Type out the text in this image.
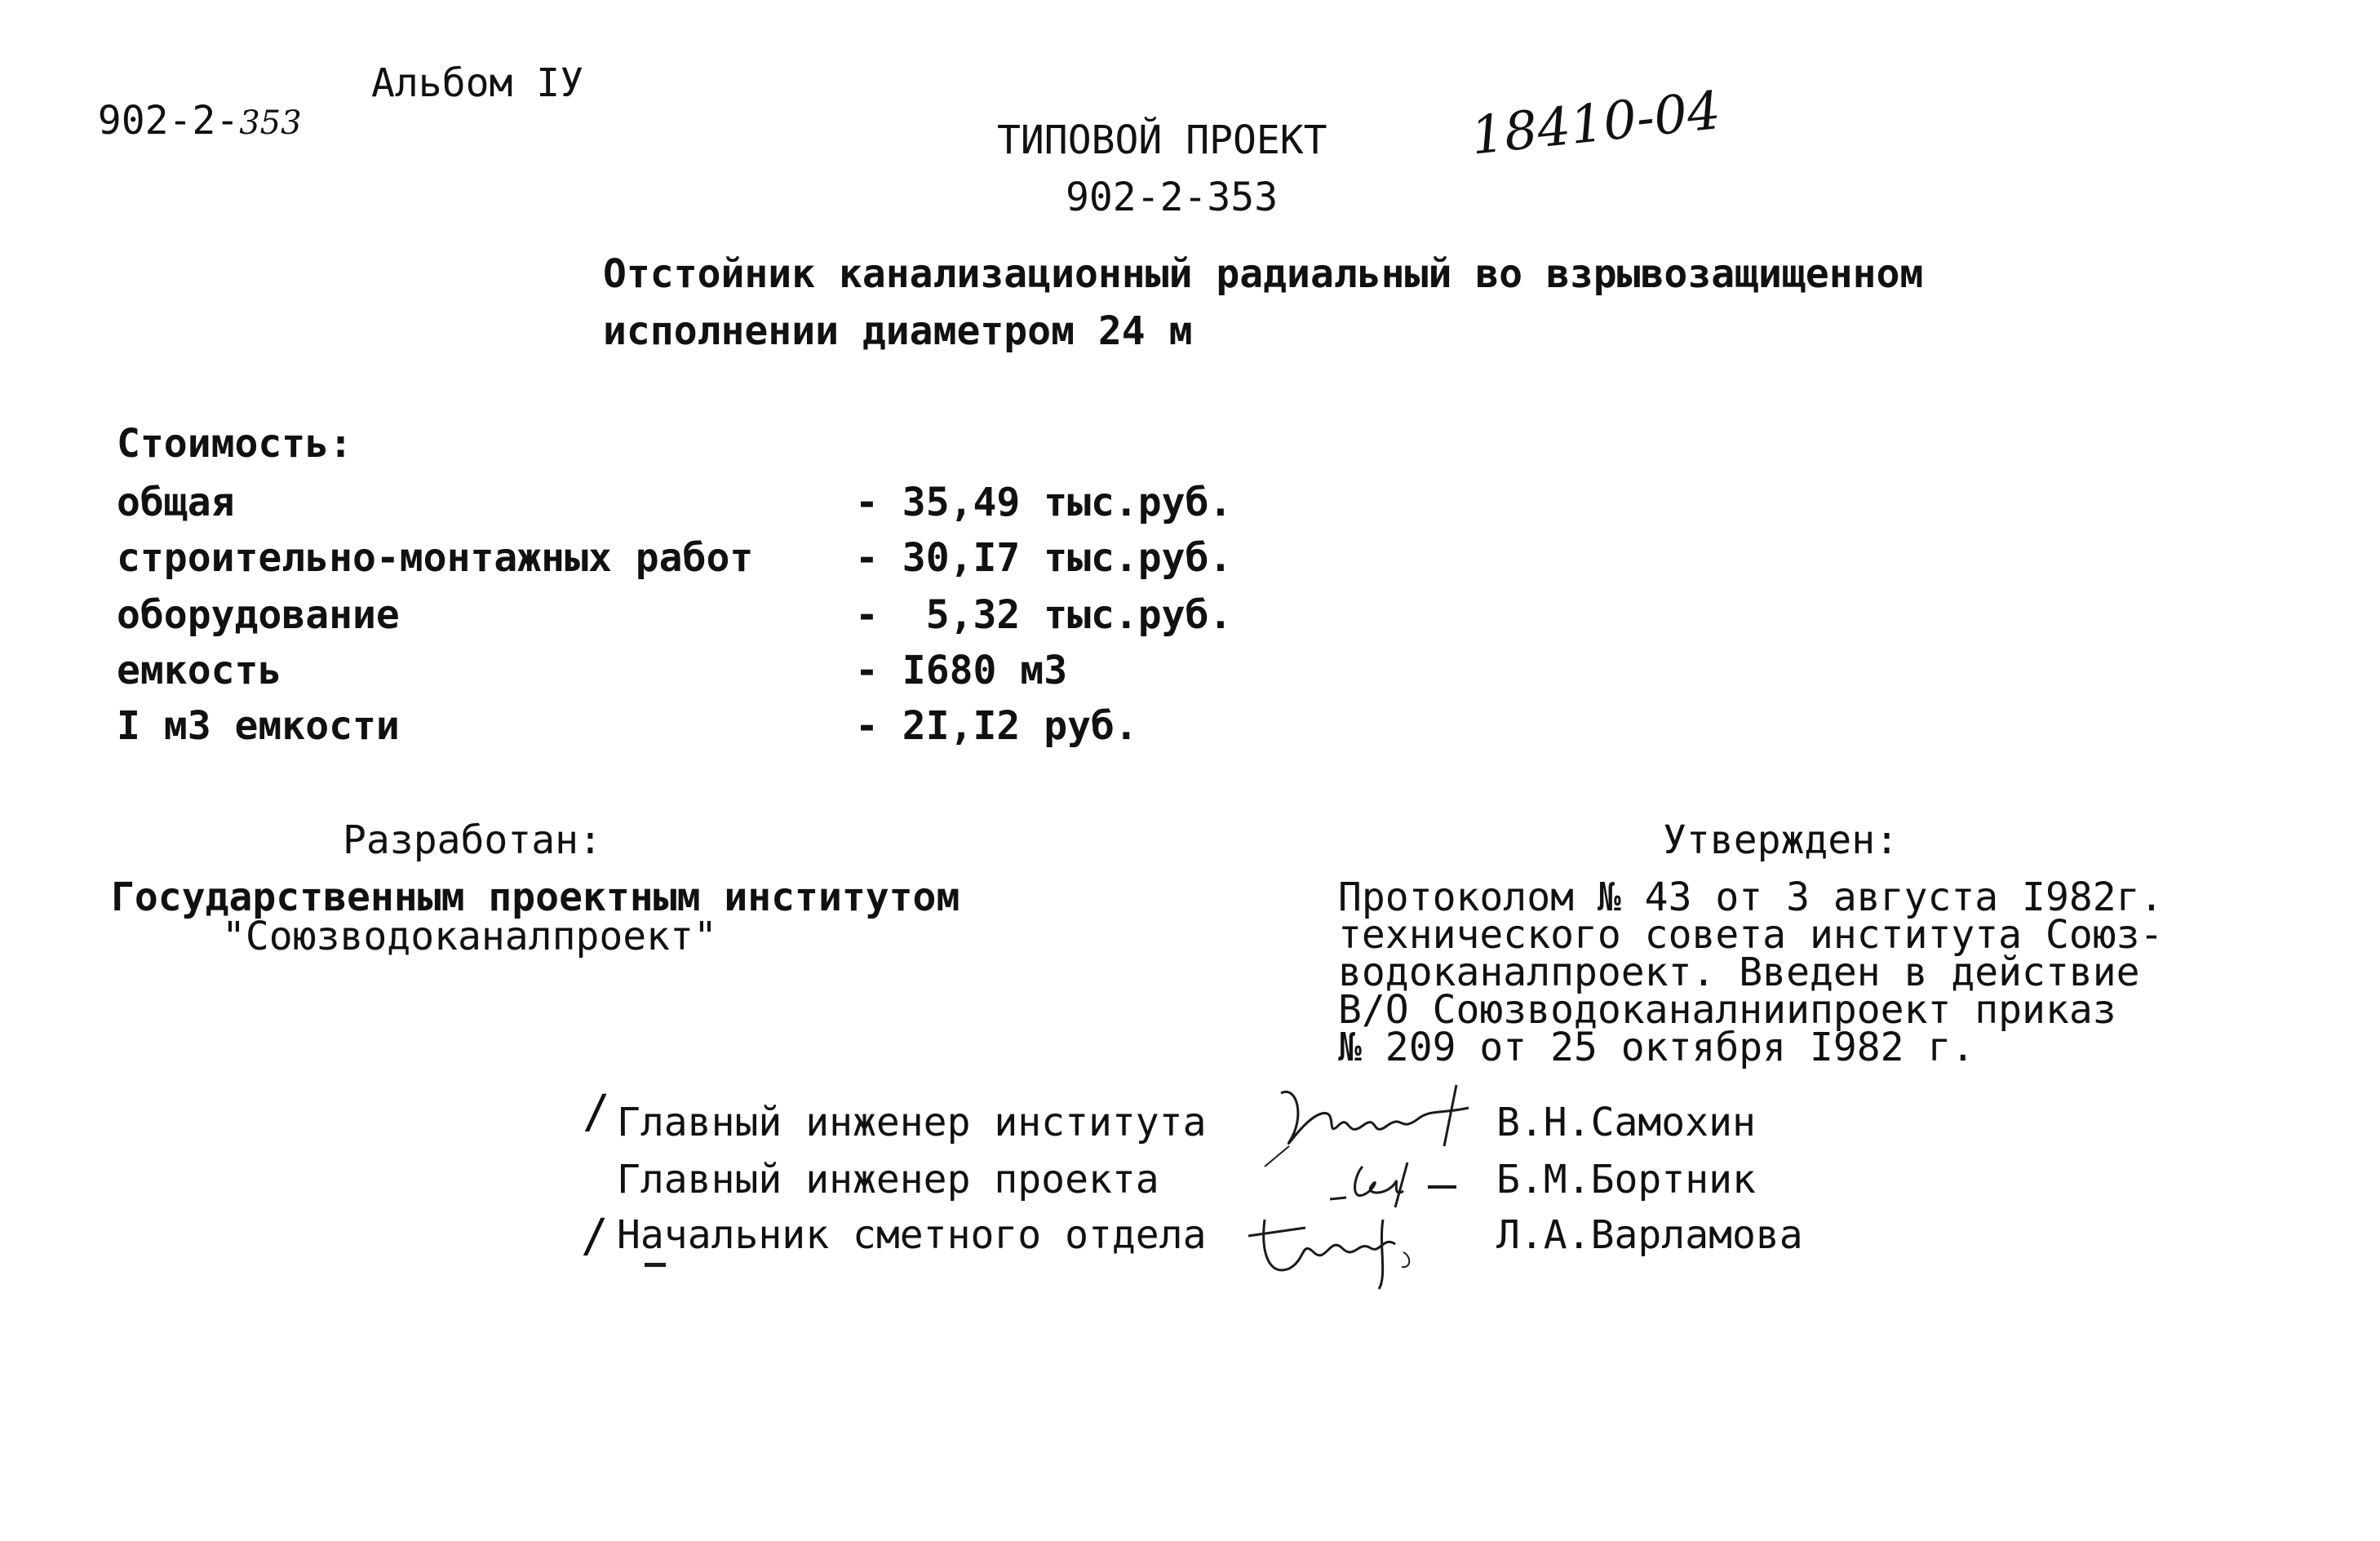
902-2-353

Альбом IУ
ТИПОВОЙ ПРОЕКТ
902-2-353
18410-04
Отстойник канализационный радиальный во взрывозащищенном
исполнении диаметром 24 м
Стоимость:
общая	- 35,49 тыс.руб.
строительно-монтажных работ	- 30,I7 тыс.руб.
оборудование	-  5,32 тыс.руб.
емкость	- I680 м3
I м3 емкости	- 2I,I2 руб.
Разработан:
Государственным проектным институтом
"Союзводоканалпроект"
Утвержден:
Протоколом № 43 от 3 августа I982г.
технического совета института Союз-
водоканалпроект. Введен в действие
В/О Союзводоканалниипроект приказ
№ 209 от 25 октября I982 г.
/ Главный инженер института	В.Н.Самохин
Главный инженер проекта	Б.М.Бортник
/ Начальник сметного отдела	Л.А.Варламова
